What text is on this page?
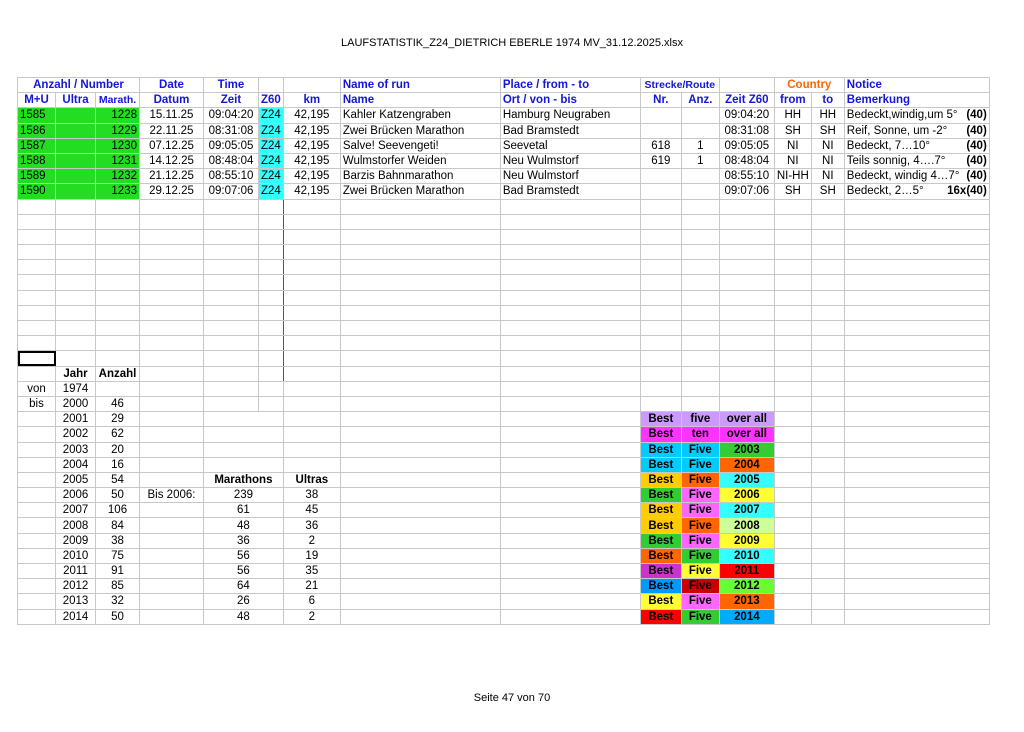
LAUFSTATISTIK_Z24_DIETRICH EBERLE 1974 MV_31.12.2025.xlsx
Anzahl / Number			Date	Time			Name of run	Place / from - to	Strecke/Route			Country		Notice
M+U	Ultra	Marath.	Datum	Zeit	Z60	km	Name	Ort / von - bis	Nr.	Anz.	Zeit Z60	from	to	Bemerkung
1585		1228	15.11.25	09:04:20	Z24	42,195	Kahler Katzengraben	Hamburg Neugraben			09:04:20	HH	HH	Bedeckt,windig,um 5° (40)

1586		1229	22.11.25	08:31:08	Z24	42,195	Zwei Brücken Marathon	Bad Bramstedt			08:31:08	SH	SH	Reif, Sonne, um -2° (40)

1587		1230	07.12.25	09:05:05	Z24	42,195	Salve! Seevengeti!	Seevetal	618	1	09:05:05	NI	NI	Bedeckt, 7…10° (40)

1588		1231	14.12.25	08:48:04	Z24	42,195	Wulmstorfer Weiden	Neu Wulmstorf	619	1	08:48:04	NI	NI	Teils sonnig, 4….7° (40)

1589		1232	21.12.25	08:55:10	Z24	42,195	Barzis Bahnmarathon	Neu Wulmstorf			08:55:10	NI-HH	NI	Bedeckt, windig 4…7° (40)

1590		1233	29.12.25	09:07:06	Z24	42,195	Zwei Brücken Marathon	Bad Bramstedt			09:07:06	SH	SH	Bedeckt, 2…5° 16x(40)

	Jahr	Anzahl												
von	1974													
bis	2000	46												
	2001	29							Best	five	over all			
	2002	62							Best	ten	over all			
	2003	20							Best	Five	2003			
	2004	16							Best	Five	2004			
	2005	54		Marathons		Ultras			Best	Five	2005			
	2006	50	Bis 2006:	239		38			Best	Five	2006			
	2007	106		61		45			Best	Five	2007			
	2008	84		48		36			Best	Five	2008			
	2009	38		36		2			Best	Five	2009			
	2010	75		56		19			Best	Five	2010			
	2011	91		56		35			Best	Five	2011			
	2012	85		64		21			Best	Five	2012			
	2013	32		26		6			Best	Five	2013			
	2014	50		48		2			Best	Five	2014			
Seite 47 von 70
